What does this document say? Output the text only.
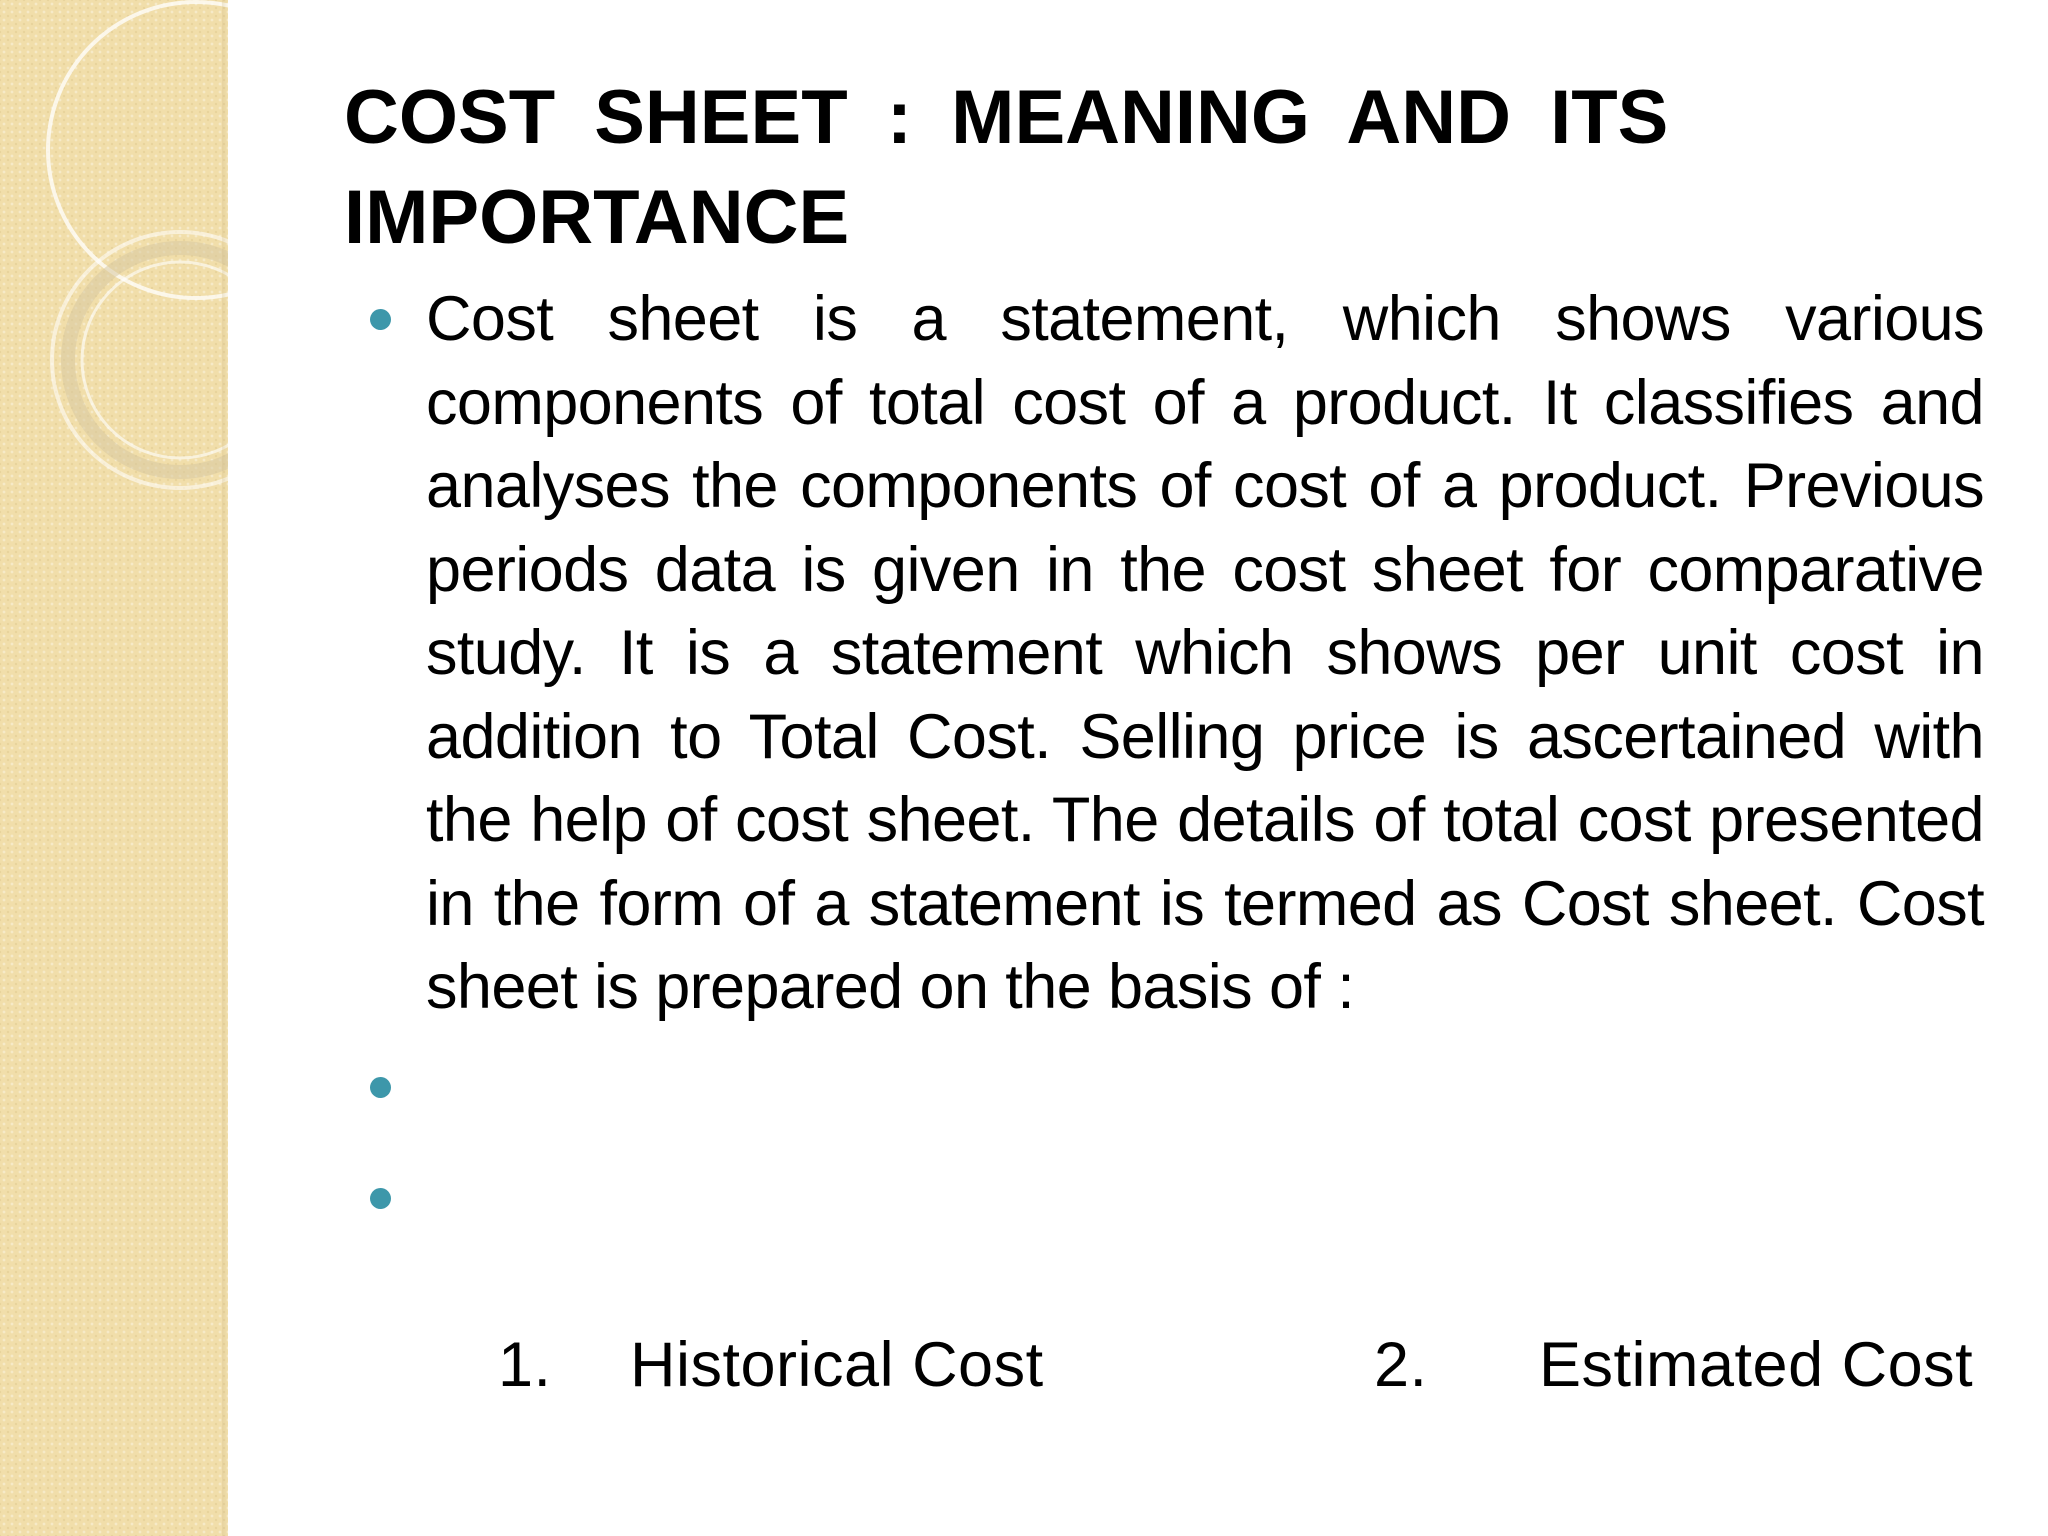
COST SHEET : MEANING AND ITS IMPORTANCE
Cost sheet is a statement, which shows various components of total cost of a product. It classifies and analyses the components of cost of a product. Previous periods data is given in the cost sheet for comparative study. It is a statement which shows per unit cost in addition to Total Cost. Selling price is ascertained with the help of cost sheet. The details of total cost presented in the form of a statement is termed as Cost sheet. Cost sheet is prepared on the basis of :

1. Historical Cost	2. Estimated Cost
